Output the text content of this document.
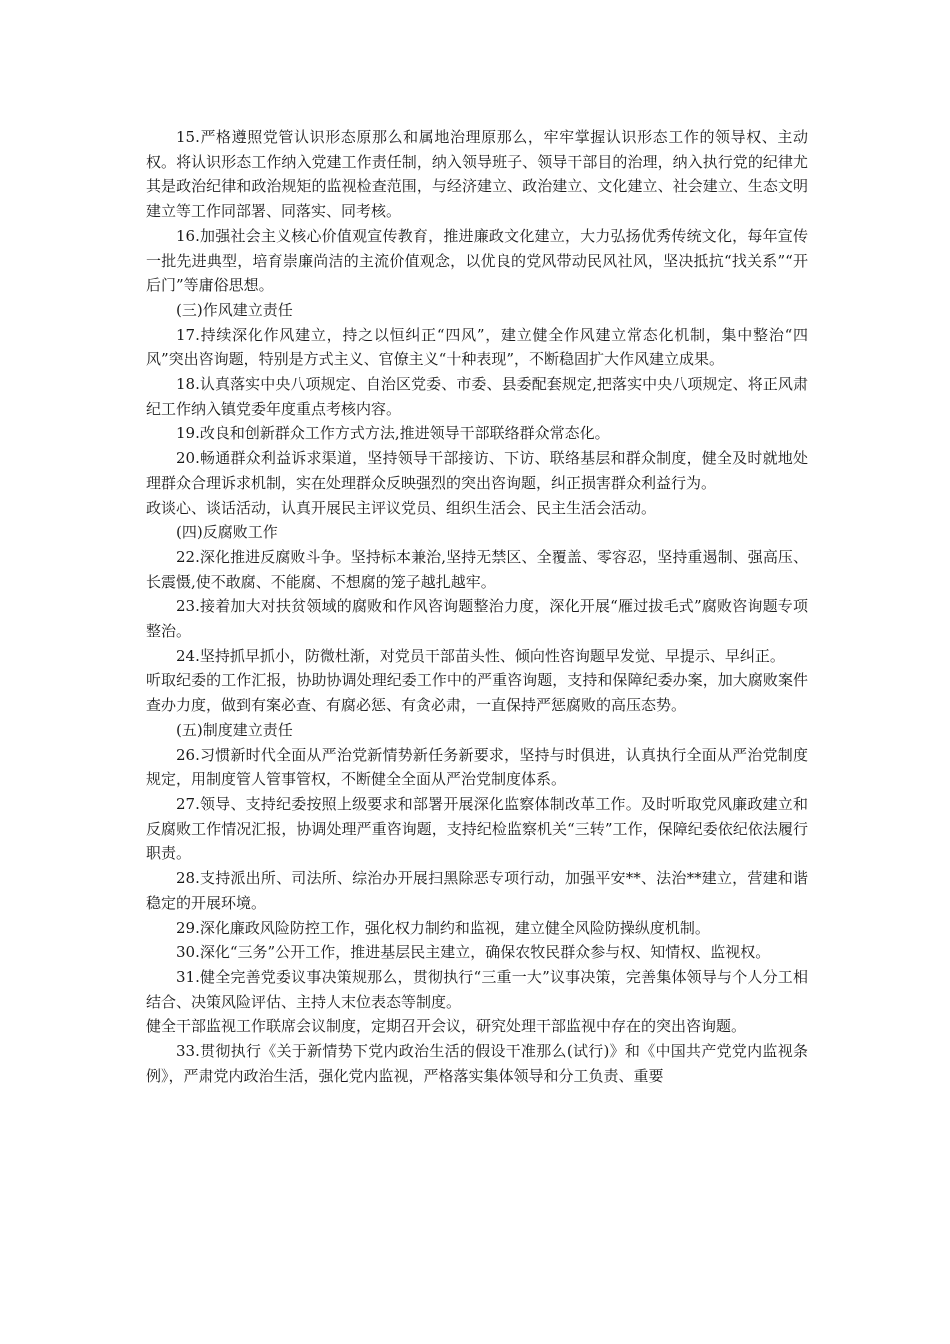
15.严格遵照党管认识形态原那么和属地治理原那么，牢牢掌握认识形态工作的领导权、主动权。将认识形态工作纳入党建工作责任制，纳入领导班子、领导干部目的治理，纳入执行党的纪律尤其是政治纪律和政治规矩的监视检查范围，与经济建立、政治建立、文化建立、社会建立、生态文明建立等工作同部署、同落实、同考核。

16.加强社会主义核心价值观宣传教育，推进廉政文化建立，大力弘扬优秀传统文化，每年宣传一批先进典型，培育崇廉尚洁的主流价值观念，以优良的党风带动民风社风，坚决抵抗“找关系”“开后门”等庸俗思想。

(三)作风建立责任

17.持续深化作风建立，持之以恒纠正“四风”，建立健全作风建立常态化机制，集中整治“四风”突出咨询题，特别是方式主义、官僚主义“十种表现”，不断稳固扩大作风建立成果。

18.认真落实中央八项规定、自治区党委、市委、县委配套规定,把落实中央八项规定、将正风肃纪工作纳入镇党委年度重点考核内容。

19.改良和创新群众工作方式方法,推进领导干部联络群众常态化。

20.畅通群众利益诉求渠道，坚持领导干部接访、下访、联络基层和群众制度，健全及时就地处理群众合理诉求机制，实在处理群众反映强烈的突出咨询题，纠正损害群众利益行为。

政谈心、谈话活动，认真开展民主评议党员、组织生活会、民主生活会活动。

(四)反腐败工作

22.深化推进反腐败斗争。坚持标本兼治,坚持无禁区、全覆盖、零容忍，坚持重遏制、强高压、长震慑,使不敢腐、不能腐、不想腐的笼子越扎越牢。

23.接着加大对扶贫领域的腐败和作风咨询题整治力度，深化开展“雁过拔毛式”腐败咨询题专项整治。

24.坚持抓早抓小，防微杜渐，对党员干部苗头性、倾向性咨询题早发觉、早提示、早纠正。

听取纪委的工作汇报，协助协调处理纪委工作中的严重咨询题，支持和保障纪委办案，加大腐败案件查办力度，做到有案必查、有腐必惩、有贪必肃，一直保持严惩腐败的高压态势。

(五)制度建立责任

26.习惯新时代全面从严治党新情势新任务新要求，坚持与时俱进，认真执行全面从严治党制度规定，用制度管人管事管权，不断健全全面从严治党制度体系。

27.领导、支持纪委按照上级要求和部署开展深化监察体制改革工作。及时听取党风廉政建立和反腐败工作情况汇报，协调处理严重咨询题，支持纪检监察机关“三转”工作，保障纪委依纪依法履行职责。

28.支持派出所、司法所、综治办开展扫黑除恶专项行动，加强平安**、法治**建立，营建和谐稳定的开展环境。

29.深化廉政风险防控工作，强化权力制约和监视，建立健全风险防操纵度机制。

30.深化“三务”公开工作，推进基层民主建立，确保农牧民群众参与权、知情权、监视权。

31.健全完善党委议事决策规那么，贯彻执行“三重一大”议事决策，完善集体领导与个人分工相结合、决策风险评估、主持人末位表态等制度。

健全干部监视工作联席会议制度，定期召开会议，研究处理干部监视中存在的突出咨询题。

33.贯彻执行《关于新情势下党内政治生活的假设干准那么(试行)》和《中国共产党党内监视条例》，严肃党内政治生活，强化党内监视，严格落实集体领导和分工负责、重要
